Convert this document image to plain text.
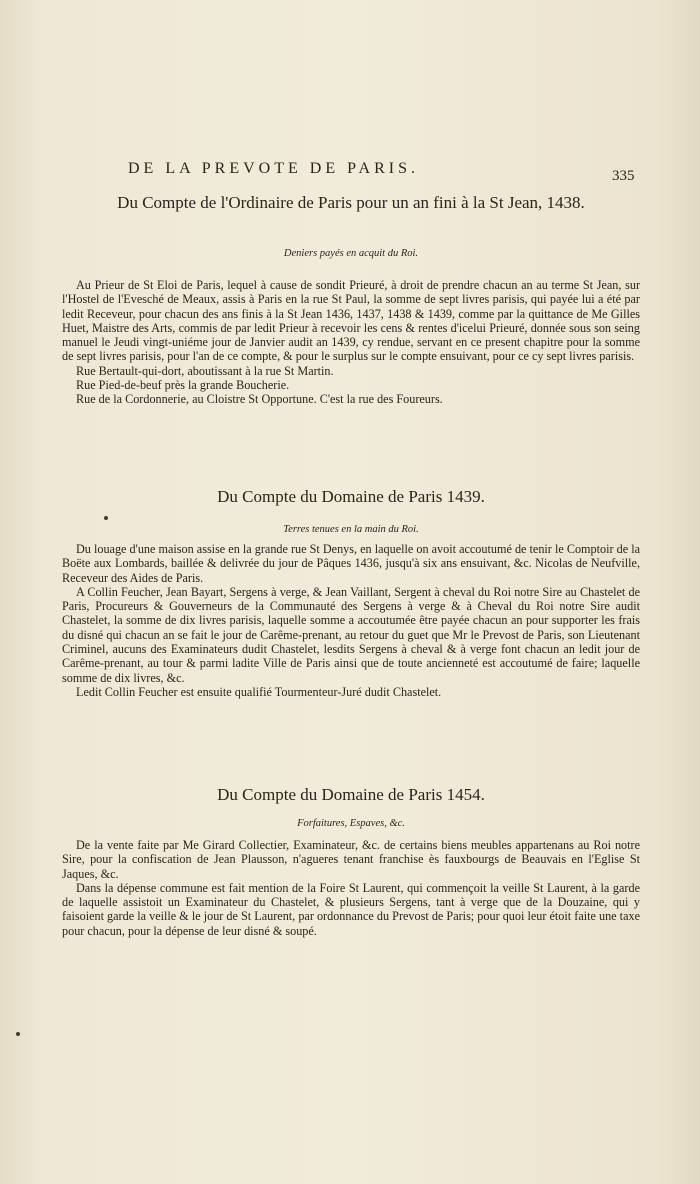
DE LA PREVOTE DE PARIS.	335
Du Compte de l'Ordinaire de Paris pour un an fini à la St Jean, 1438.
Deniers payés en acquit du Roi.

Au Prieur de St Eloi de Paris, lequel à cause de sondit Prieuré, à droit de prendre chacun an au terme St Jean, sur l'Hostel de l'Evesché de Meaux, assis à Paris en la rue St Paul, la somme de sept livres parisis, qui payée lui a été par ledit Receveur, pour chacun des ans finis à la St Jean 1436, 1437, 1438 & 1439, comme par la quittance de Me Gilles Huet, Maistre des Arts, commis de par ledit Prieur à recevoir les cens & rentes d'icelui Prieuré, donnée sous son seing manuel le Jeudi vingt-uniéme jour de Janvier audit an 1439, cy rendue, servant en ce present chapitre pour la somme de sept livres parisis, pour l'an de ce compte, & pour le surplus sur le compte ensuivant, pour ce cy sept livres parisis.

Rue Bertault-qui-dort, aboutissant à la rue St Martin.

Rue Pied-de-beuf près la grande Boucherie.

Rue de la Cordonnerie, au Cloistre St Opportune. C'est la rue des Foureurs.

Du Compte du Domaine de Paris 1439.
Terres tenues en la main du Roi.

Du louage d'une maison assise en la grande rue St Denys, en laquelle on avoit accoutumé de tenir le Comptoir de la Boëte aux Lombards, baillée & delivrée du jour de Pâques 1436, jusqu'à six ans ensuivant, &c. Nicolas de Neufville, Receveur des Aides de Paris.

A Collin Feucher, Jean Bayart, Sergens à verge, & Jean Vaillant, Sergent à cheval du Roi notre Sire au Chastelet de Paris, Procureurs & Gouverneurs de la Communauté des Sergens à verge & à Cheval du Roi notre Sire audit Chastelet, la somme de dix livres parisis, laquelle somme a accoutumée être payée chacun an pour supporter les frais du disné qui chacun an se fait le jour de Carême-prenant, au retour du guet que Mr le Prevost de Paris, son Lieutenant Criminel, aucuns des Examinateurs dudit Chastelet, lesdits Sergens à cheval & à verge font chacun an ledit jour de Carême-prenant, au tour & parmi ladite Ville de Paris ainsi que de toute ancienneté est accoutumé de faire; laquelle somme de dix livres, &c.

Ledit Collin Feucher est ensuite qualifié Tourmenteur-Juré dudit Chastelet.

Du Compte du Domaine de Paris 1454.
Forfaitures, Espaves, &c.

De la vente faite par Me Girard Collectier, Examinateur, &c. de certains biens meubles appartenans au Roi notre Sire, pour la confiscation de Jean Plausson, n'agueres tenant franchise ès fauxbourgs de Beauvais en l'Eglise St Jaques, &c.

Dans la dépense commune est fait mention de la Foire St Laurent, qui commençoit la veille St Laurent, à la garde de laquelle assistoit un Examinateur du Chastelet, & plusieurs Sergens, tant à verge que de la Douzaine, qui y faisoient garde la veille & le jour de St Laurent, par ordonnance du Prevost de Paris; pour quoi leur étoit faite une taxe pour chacun, pour la dépense de leur disné & soupé.
